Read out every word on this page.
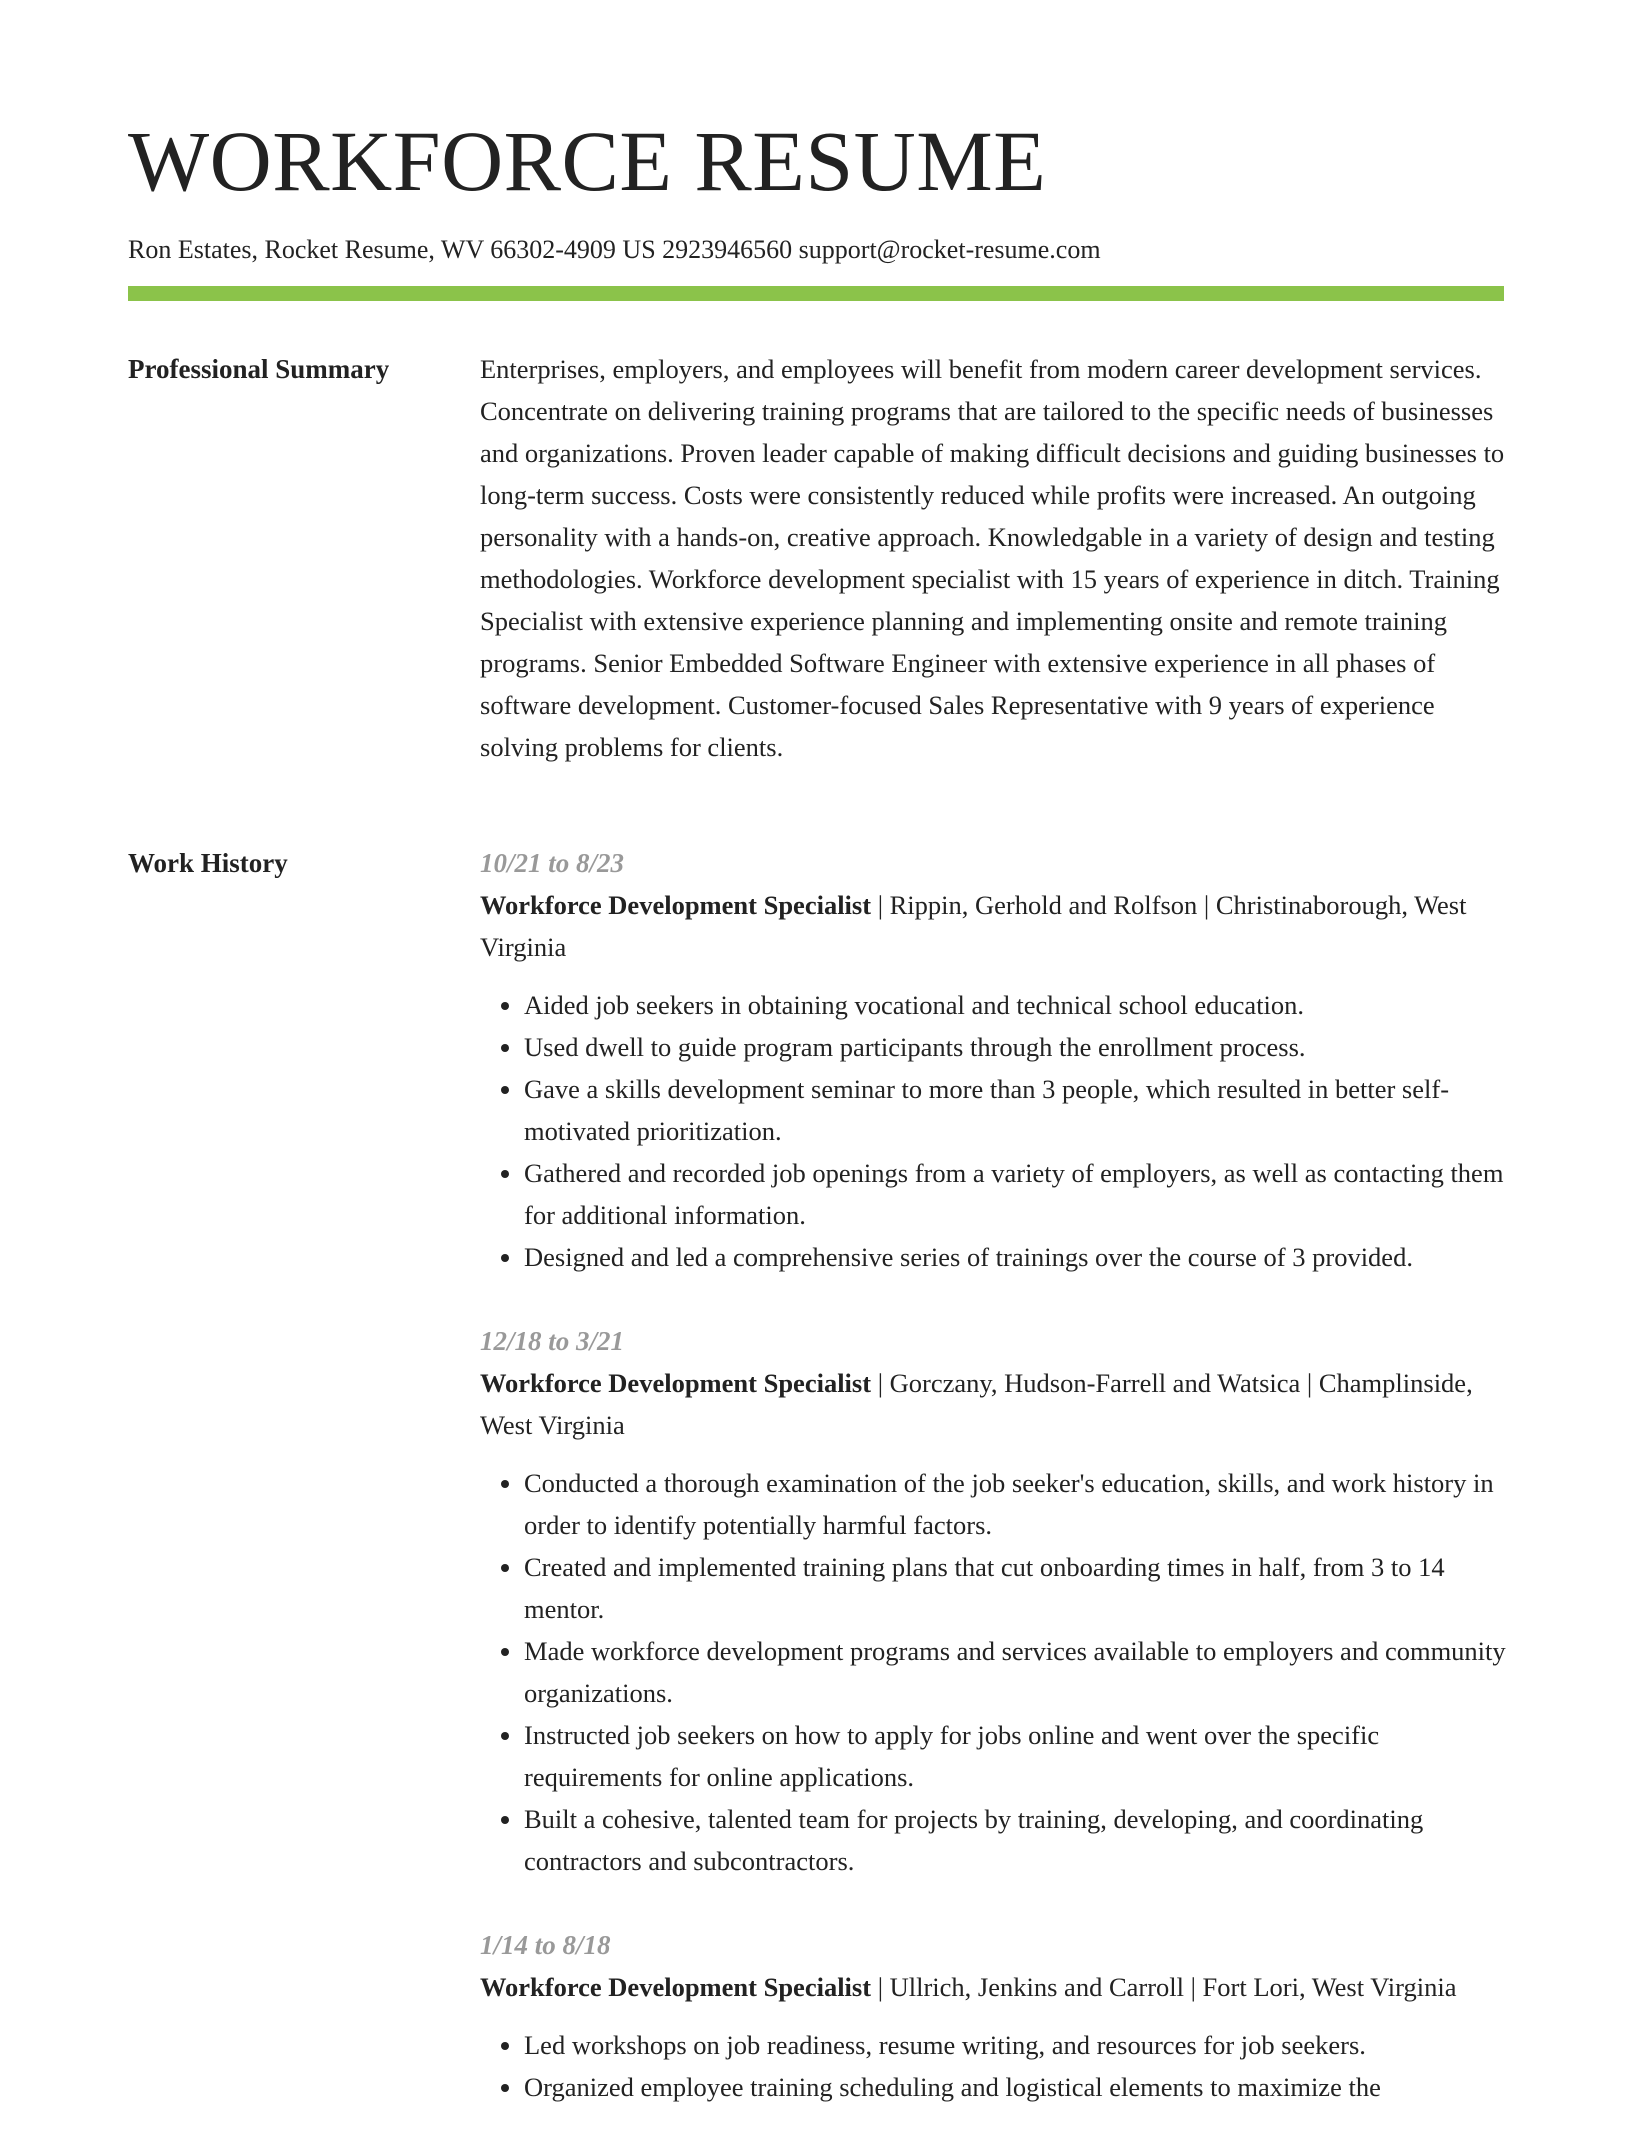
WORKFORCE RESUME
Ron Estates, Rocket Resume, WV 66302-4909 US 2923946560 support@rocket-resume.com
Professional Summary	Enterprises, employers, and employees will benefit from modern career development services. Concentrate on delivering training programs that are tailored to the specific needs of businesses and organizations. Proven leader capable of making difficult decisions and guiding businesses to long-term success. Costs were consistently reduced while profits were increased. An outgoing personality with a hands-on, creative approach. Knowledgable in a variety of design and testing methodologies. Workforce development specialist with 15 years of experience in ditch. Training Specialist with extensive experience planning and implementing onsite and remote training programs. Senior Embedded Software Engineer with extensive experience in all phases of software development. Customer-focused Sales Representative with 9 years of experience solving problems for clients.

Work History	10/21 to 8/23

Workforce Development Specialist | Rippin, Gerhold and Rolfson | Christinaborough, West Virginia

• Aided job seekers in obtaining vocational and technical school education.
• Used dwell to guide program participants through the enrollment process.
• Gave a skills development seminar to more than 3 people, which resulted in better self-motivated prioritization.
• Gathered and recorded job openings from a variety of employers, as well as contacting them for additional information.
• Designed and led a comprehensive series of trainings over the course of 3 provided.
12/18 to 3/21

Workforce Development Specialist | Gorczany, Hudson-Farrell and Watsica | Champlinside, West Virginia

• Conducted a thorough examination of the job seeker's education, skills, and work history in order to identify potentially harmful factors.
• Created and implemented training plans that cut onboarding times in half, from 3 to 14 mentor.
• Made workforce development programs and services available to employers and community organizations.
• Instructed job seekers on how to apply for jobs online and went over the specific requirements for online applications.
• Built a cohesive, talented team for projects by training, developing, and coordinating contractors and subcontractors.
1/14 to 8/18

Workforce Development Specialist | Ullrich, Jenkins and Carroll | Fort Lori, West Virginia

• Led workshops on job readiness, resume writing, and resources for job seekers.
• Organized employee training scheduling and logistical elements to maximize the
